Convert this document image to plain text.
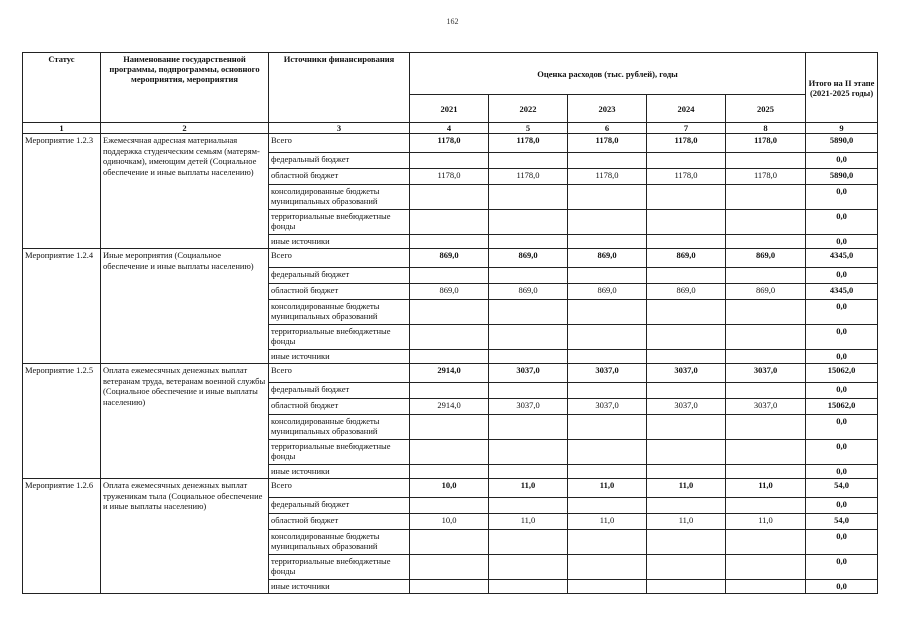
162
Статус	Наименование государственной программы, подпрограммы, основного мероприятия, мероприятия	Источники финансирования	Оценка расходов (тыс. рублей), годы					Итого на II этапе (2021-2025 годы)
			2021	2022	2023	2024	2025	
1	2	3	4	5	6	7	8	9
Мероприятие 1.2.3	Ежемесячная адресная материальная поддержка студенческим семьям (матерям-одиночкам), имеющим детей (Социальное обеспечение и иные выплаты населению)	Всего	1178,0	1178,0	1178,0	1178,0	1178,0	5890,0
		федеральный бюджет						0,0
		областной бюджет	1178,0	1178,0	1178,0	1178,0	1178,0	5890,0
		консолидированные бюджеты муниципальных образований						0,0
		территориальные внебюджетные фонды						0,0
		иные источники						0,0
Мероприятие 1.2.4	Иные мероприятия (Социальное обеспечение и иные выплаты населению)	Всего	869,0	869,0	869,0	869,0	869,0	4345,0
		федеральный бюджет						0,0
		областной бюджет	869,0	869,0	869,0	869,0	869,0	4345,0
		консолидированные бюджеты муниципальных образований						0,0
		территориальные внебюджетные фонды						0,0
		иные источники						0,0
Мероприятие 1.2.5	Оплата ежемесячных денежных выплат ветеранам труда, ветеранам военной службы (Социальное обеспечение и иные выплаты населению)	Всего	2914,0	3037,0	3037,0	3037,0	3037,0	15062,0
		федеральный бюджет						0,0
		областной бюджет	2914,0	3037,0	3037,0	3037,0	3037,0	15062,0
		консолидированные бюджеты муниципальных образований						0,0
		территориальные внебюджетные фонды						0,0
		иные источники						0,0
Мероприятие 1.2.6	Оплата ежемесячных денежных выплат труженикам тыла (Социальное обеспечение и иные выплаты населению)	Всего	10,0	11,0	11,0	11,0	11,0	54,0
		федеральный бюджет						0,0
		областной бюджет	10,0	11,0	11,0	11,0	11,0	54,0
		консолидированные бюджеты муниципальных образований						0,0
		территориальные внебюджетные фонды						0,0
		иные источники						0,0
